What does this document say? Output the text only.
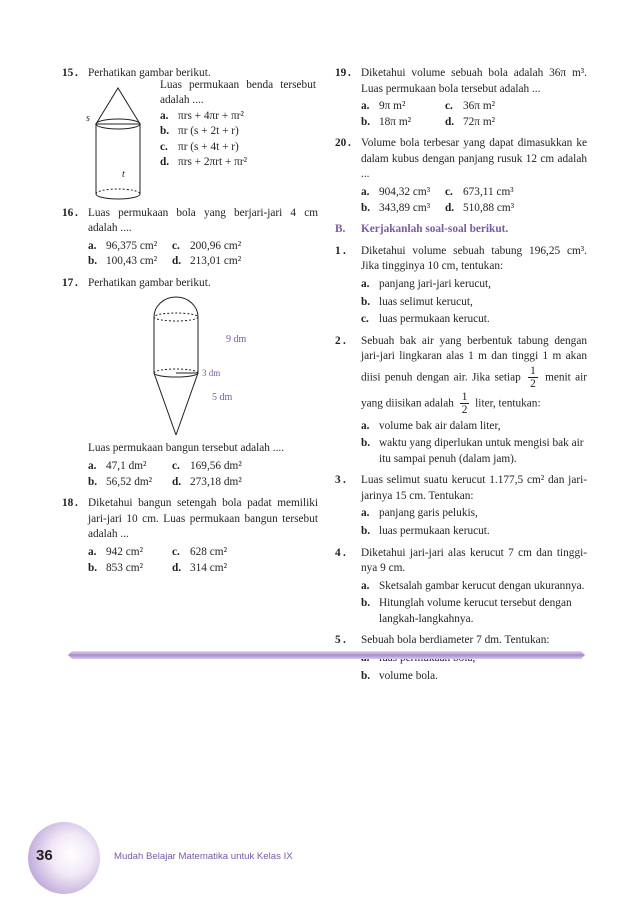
15 . Perhatikan gambar berikut.

s
t

Luas permukaan benda tersebut adalah ....

a. πrs + 4πr + πr²
b. πr (s + 2t + r)
c. πr (s + 4t + r)
d. πrs + 2πrt + πr²
16 . Luas permukaan bola yang berjari-jari 4 cm adalah ....

a. 96,375 cm²	c. 200,96 cm²
b. 100,43 cm²	d. 213,01 cm²
17 . Perhatikan gambar berikut.

9 dm
3 dm
5 dm

Luas permukaan bangun tersebut adalah ....

a. 47,1 dm²	c. 169,56 dm²
b. 56,52 dm²	d. 273,18 dm²
18 . Diketahui bangun setengah bola padat memiliki jari-jari 10 cm. Luas permukaan bangun tersebut adalah ...

a. 942 cm²	c. 628 cm²
b. 853 cm²	d. 314 cm²
19 . Diketahui volume sebuah bola adalah 36π m³. Luas permukaan bola tersebut adalah ...

a. 9π m²	c. 36π m²
b. 18π m²	d. 72π m²
20 . Volume bola terbesar yang dapat dimasukkan ke dalam kubus dengan panjang rusuk 12 cm adalah ...

a. 904,32 cm³	c. 673,11 cm³
b. 343,89 cm³	d. 510,88 cm³
B. Kerjakanlah soal-soal berikut.
1 . Diketahui volume sebuah tabung 196,25 cm³. Jika tingginya 10 cm, tentukan:

a. panjang jari-jari kerucut,
b. luas selimut kerucut,
c. luas permukaan kerucut.
2 . Sebuah bak air yang berbentuk tabung dengan jari-jari lingkaran alas 1 m dan tinggi 1 m akan diisi penuh dengan air. Jika setiap $\frac{1}{2}$ menit air yang diisikan adalah $\frac{1}{2}$ liter, tentukan:

a. volume bak air dalam liter,
b. waktu yang diperlukan untuk mengisi bak air itu sampai penuh (dalam jam).
3 . Luas selimut suatu kerucut 1.177,5 cm² dan jari-jarinya 15 cm. Tentukan:

a. panjang garis pelukis,
b. luas permukaan kerucut.
4 . Diketahui jari-jari alas kerucut 7 cm dan tinggi-nya 9 cm.

a. Sketsalah gambar kerucut dengan ukurannya.
b. Hitunglah volume kerucut tersebut dengan langkah-langkahnya.
5 . Sebuah bola berdiameter 7 dm. Tentukan:

b. volume bola.
36	Mudah Belajar Matematika untuk Kelas IX
